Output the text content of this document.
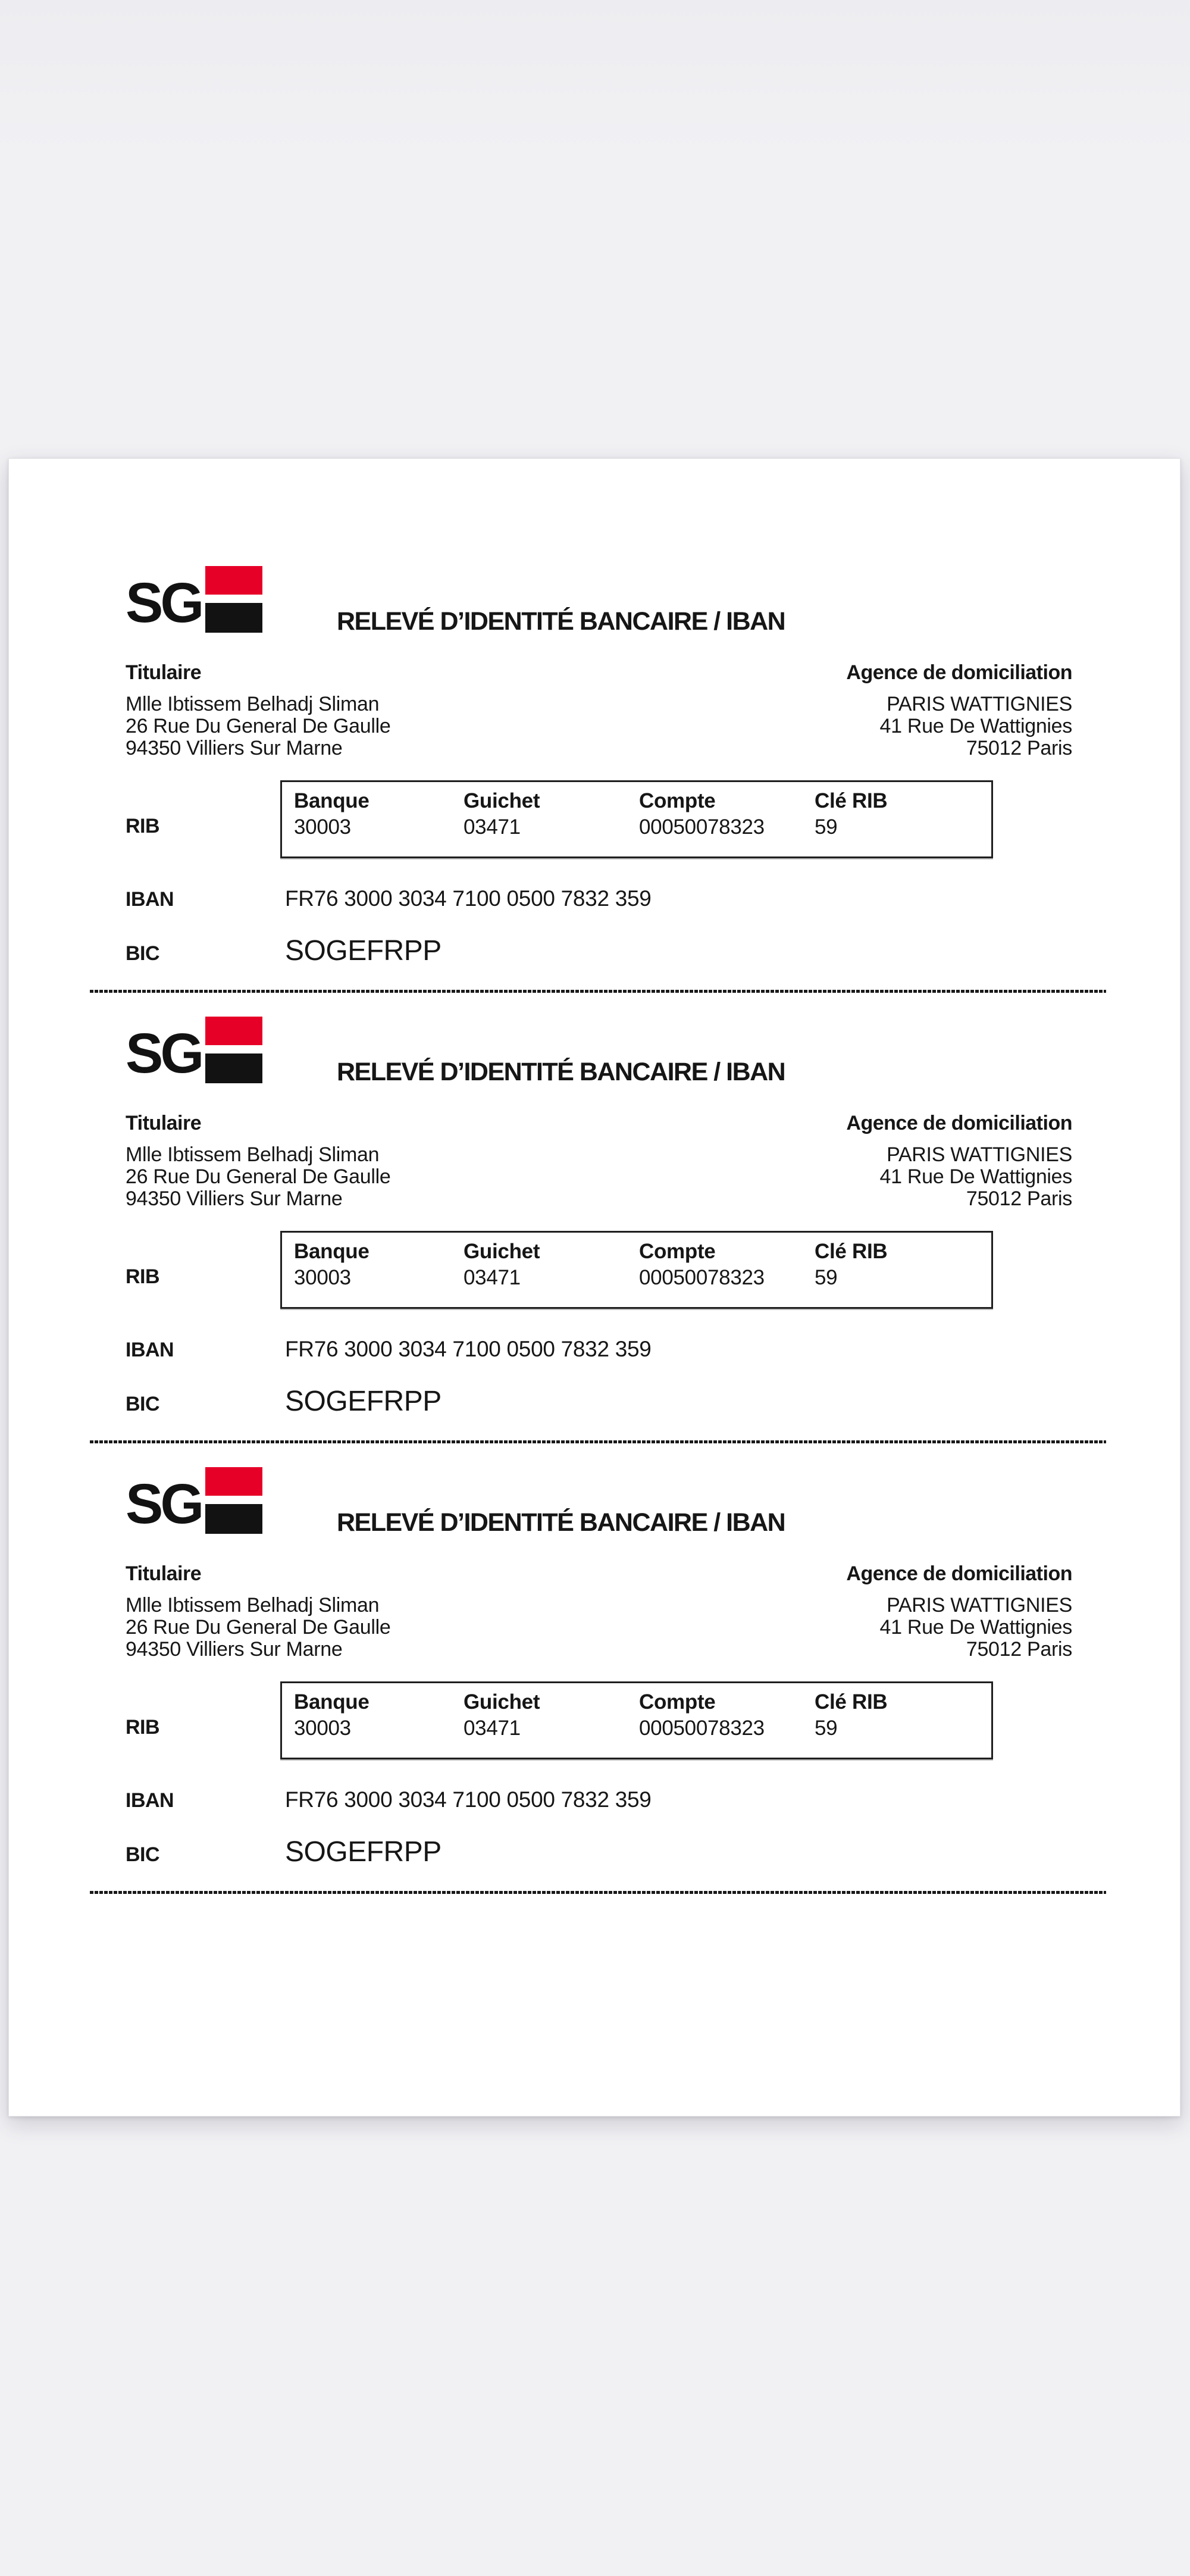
SG	RELEVÉ D’IDENTITÉ BANCAIRE / IBAN
Titulaire
Mlle Ibtissem Belhadj Sliman
26 Rue Du General De Gaulle
94350 Villiers Sur Marne
Agence de domiciliation
PARIS WATTIGNIES
41 Rue De Wattignies
75012 Paris
RIB
Banque	Guichet	Compte	Clé RIB
30003	03471	00050078323	59
IBAN	FR76 3000 3034 7100 0500 7832 359
BIC	SOGEFRPP
SG	RELEVÉ D’IDENTITÉ BANCAIRE / IBAN
Titulaire
Mlle Ibtissem Belhadj Sliman
26 Rue Du General De Gaulle
94350 Villiers Sur Marne
Agence de domiciliation
PARIS WATTIGNIES
41 Rue De Wattignies
75012 Paris
RIB
Banque	Guichet	Compte	Clé RIB
30003	03471	00050078323	59
IBAN	FR76 3000 3034 7100 0500 7832 359
BIC	SOGEFRPP
SG	RELEVÉ D’IDENTITÉ BANCAIRE / IBAN
Titulaire
Mlle Ibtissem Belhadj Sliman
26 Rue Du General De Gaulle
94350 Villiers Sur Marne
Agence de domiciliation
PARIS WATTIGNIES
41 Rue De Wattignies
75012 Paris
RIB
Banque	Guichet	Compte	Clé RIB
30003	03471	00050078323	59
IBAN	FR76 3000 3034 7100 0500 7832 359
BIC	SOGEFRPP
